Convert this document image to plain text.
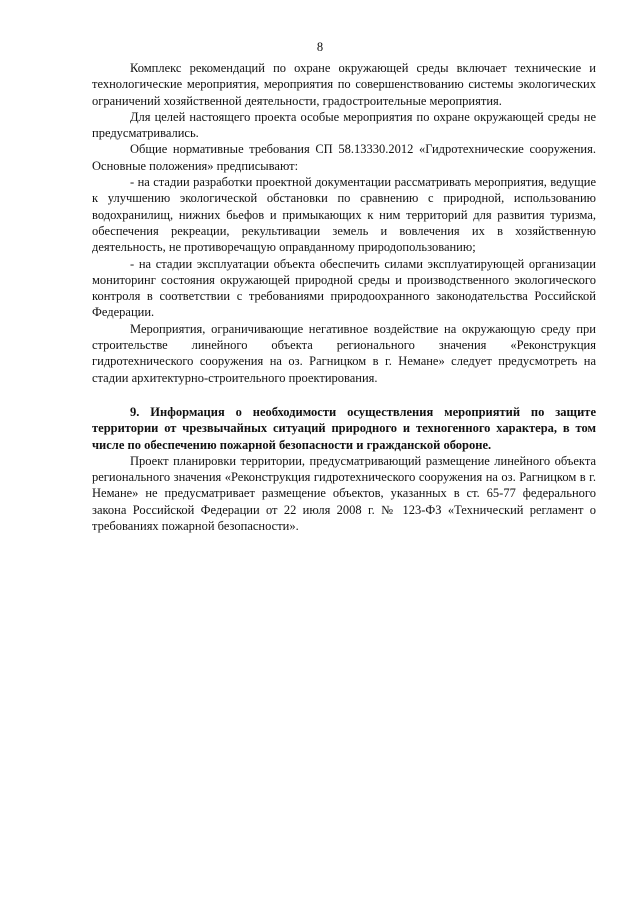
8

Комплекс рекомендаций по охране окружающей среды включает технические и технологические мероприятия, мероприятия по совершенствованию системы экологических ограничений хозяйственной деятельности, градостроительные мероприятия.

Для целей настоящего проекта особые мероприятия по охране окружающей среды не предусматривались.

Общие нормативные требования СП 58.13330.2012 «Гидротехнические сооружения. Основные положения» предписывают:

- на стадии разработки проектной документации рассматривать мероприятия, ведущие к улучшению экологической обстановки по сравнению с природной, использованию водохранилищ, нижних бьефов и примыкающих к ним территорий для развития туризма, обеспечения рекреации, рекультивации земель и вовлечения их в хозяйственную деятельность, не противоречащую оправданному природопользованию;

- на стадии эксплуатации объекта обеспечить силами эксплуатирующей организации мониторинг состояния окружающей природной среды и производственного экологического контроля в соответствии с требованиями природоохранного законодательства Российской Федерации.

Мероприятия, ограничивающие негативное воздействие на окружающую среду при строительстве линейного объекта регионального значения «Реконструкция гидротехнического сооружения на оз. Рагницком в г. Немане» следует предусмотреть на стадии архитектурно-строительного проектирования.

9. Информация о необходимости осуществления мероприятий по защите территории от чрезвычайных ситуаций природного и техногенного характера, в том числе по обеспечению пожарной безопасности и гражданской обороне.

Проект планировки территории, предусматривающий размещение линейного объекта регионального значения «Реконструкция гидротехнического сооружения на оз. Рагницком в г. Немане» не предусматривает размещение объектов, указанных в ст. 65-77 федерального закона Российской Федерации от 22 июля 2008 г. № 123-ФЗ «Технический регламент о требованиях пожарной безопасности».
